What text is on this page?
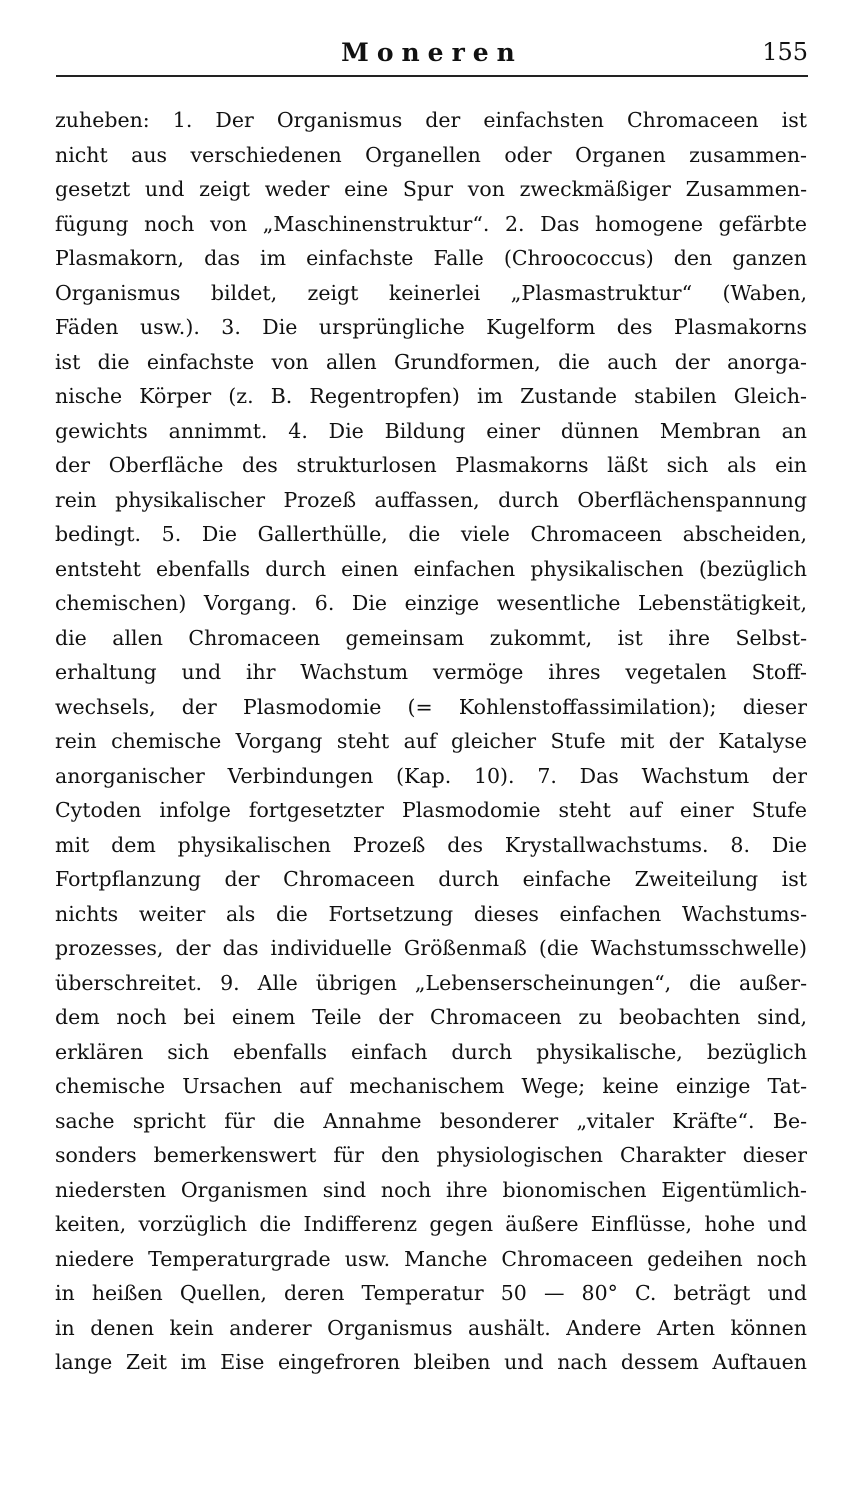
Moneren	155
zuheben: 1. Der Organismus der einfachsten Chromaceen ist
nicht aus verschiedenen Organellen oder Organen zusammen-
gesetzt und zeigt weder eine Spur von zweckmäßiger Zusammen-
fügung noch von „Maschinenstruktur“. 2. Das homogene gefärbte
Plasmakorn, das im einfachste Falle (Chroococcus) den ganzen
Organismus bildet, zeigt keinerlei „Plasmastruktur“ (Waben,
Fäden usw.). 3. Die ursprüngliche Kugelform des Plasmakorns
ist die einfachste von allen Grundformen, die auch der anorga-
nische Körper (z. B. Regentropfen) im Zustande stabilen Gleich-
gewichts annimmt. 4. Die Bildung einer dünnen Membran an
der Oberfläche des strukturlosen Plasmakorns läßt sich als ein
rein physikalischer Prozeß auffassen, durch Oberflächenspannung
bedingt. 5. Die Gallerthülle, die viele Chromaceen abscheiden,
entsteht ebenfalls durch einen einfachen physikalischen (bezüglich
chemischen) Vorgang. 6. Die einzige wesentliche Lebenstätigkeit,
die allen Chromaceen gemeinsam zukommt, ist ihre Selbst-
erhaltung und ihr Wachstum vermöge ihres vegetalen Stoff-
wechsels, der Plasmodomie (= Kohlenstoffassimilation); dieser
rein chemische Vorgang steht auf gleicher Stufe mit der Katalyse
anorganischer Verbindungen (Kap. 10). 7. Das Wachstum der
Cytoden infolge fortgesetzter Plasmodomie steht auf einer Stufe
mit dem physikalischen Prozeß des Krystallwachstums. 8. Die
Fortpflanzung der Chromaceen durch einfache Zweiteilung ist
nichts weiter als die Fortsetzung dieses einfachen Wachstums-
prozesses, der das individuelle Größenmaß (die Wachstumsschwelle)
überschreitet. 9. Alle übrigen „Lebenserscheinungen“, die außer-
dem noch bei einem Teile der Chromaceen zu beobachten sind,
erklären sich ebenfalls einfach durch physikalische, bezüglich
chemische Ursachen auf mechanischem Wege; keine einzige Tat-
sache spricht für die Annahme besonderer „vitaler Kräfte“. Be-
sonders bemerkenswert für den physiologischen Charakter dieser
niedersten Organismen sind noch ihre bionomischen Eigentümlich-
keiten, vorzüglich die Indifferenz gegen äußere Einflüsse, hohe und
niedere Temperaturgrade usw. Manche Chromaceen gedeihen noch
in heißen Quellen, deren Temperatur 50 — 80° C. beträgt und
in denen kein anderer Organismus aushält. Andere Arten können
lange Zeit im Eise eingefroren bleiben und nach dessem Auftauen
